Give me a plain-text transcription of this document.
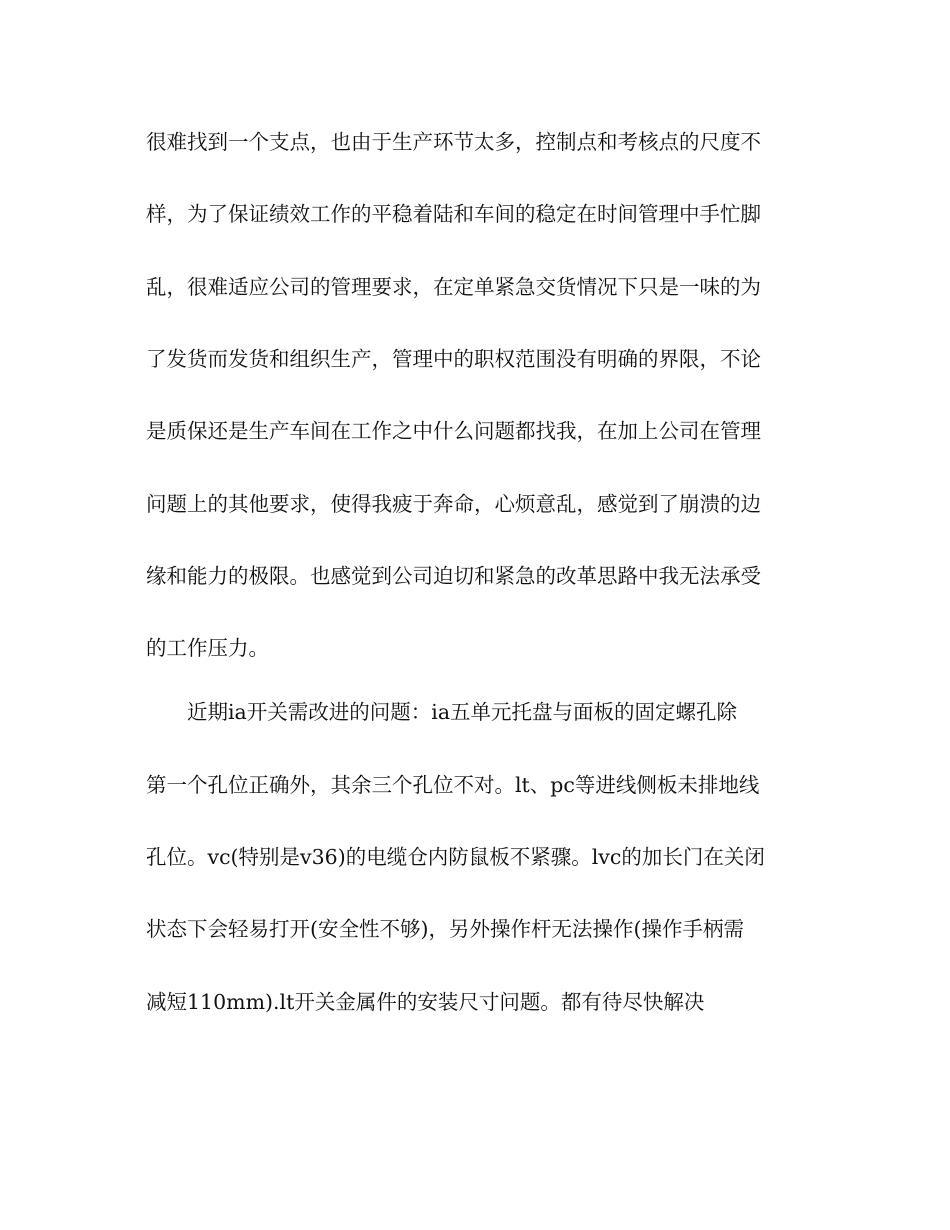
很难找到一个支点，也由于生产环节太多，控制点和考核点的尺度不
样，为了保证绩效工作的平稳着陆和车间的稳定在时间管理中手忙脚
乱，很难适应公司的管理要求，在定单紧急交货情况下只是一味的为
了发货而发货和组织生产，管理中的职权范围没有明确的界限，不论
是质保还是生产车间在工作之中什么问题都找我，在加上公司在管理
问题上的其他要求，使得我疲于奔命，心烦意乱，感觉到了崩溃的边
缘和能力的极限。也感觉到公司迫切和紧急的改革思路中我无法承受
的工作压力。
近期ia开关需改进的问题：ia五单元托盘与面板的固定螺孔除
第一个孔位正确外，其余三个孔位不对。lt、pc等进线侧板未排地线
孔位。vc(特别是v36)的电缆仓内防鼠板不紧骤。lvc的加长门在关闭
状态下会轻易打开(安全性不够)，另外操作杆无法操作(操作手柄需
减短110mm).lt开关金属件的安装尺寸问题。都有待尽快解决
